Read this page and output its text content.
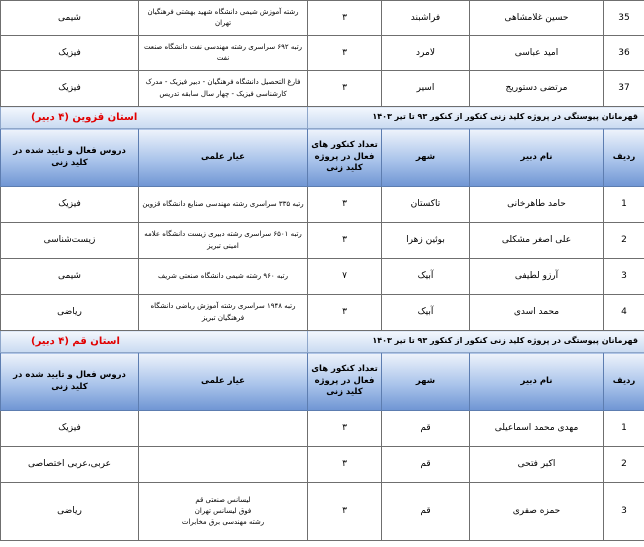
35	حسین غلامشاهی	فراشبند	۳	رشته آموزش شیمی دانشگاه شهید بهشتی فرهنگیان تهران	شیمی
36	امید عباسی	لامرد	۳	رتبه ۶۹۲ سراسری رشته مهندسی نفت دانشگاه صنعت نفت	فیزیک
37	مرتضی دستوریج	اسیر	۳	فارغ التحصیل دانشگاه فرهنگیان - دبیر فیزیک - مدرک کارشناسی فیزیک - چهار سال سابقه تدریس	فیزیک
قهرمانان پیوستگی در پروژه کلید زنی کنکور از کنکور ۹۳ تا تیر ۱۴۰۳				استان قزوین (۴ دبیر)	
ردیف	نام دبیر	شهر	تعداد کنکور های فعال در پروژه کلید زنی	عیار علمی	دروس فعال و تایید شده در کلید زنی
1	حامد طاهرخانی	تاکستان	۳	رتبه ۳۳۵ سراسری رشته مهندسی صنایع دانشگاه قزوین	فیزیک
2	علی اصغر مشکلی	بوئین زهرا	۳	رتبه ۶۵۰۱ سراسری رشته دبیری زیست دانشگاه علامه امینی تبریز	زیست‌شناسی
3	آرزو لطیفی	آبیک	۷	رتبه ۹۶۰ رشته شیمی دانشگاه صنعتی شریف	شیمی
4	محمد اسدی	آبیک	۳	رتبه ۱۹۴۸ سراسری رشته آموزش ریاضی دانشگاه فرهنگیان تبریز	ریاضی
قهرمانان پیوستگی در پروژه کلید زنی کنکور از کنکور ۹۳ تا تیر ۱۴۰۳				استان قم (۴ دبیر)	
ردیف	نام دبیر	شهر	تعداد کنکور های فعال در پروژه کلید زنی	عیار علمی	دروس فعال و تایید شده در کلید زنی
1	مهدی محمد اسماعیلی	قم	۳		فیزیک
2	اکبر فتحی	قم	۳		عربی،عربی اختصاصی
3	حمزه صفری	قم	۳	لیسانس صنعتی قم
فوق لیسانس تهران
رشته مهندسی برق مخابرات	ریاضی
